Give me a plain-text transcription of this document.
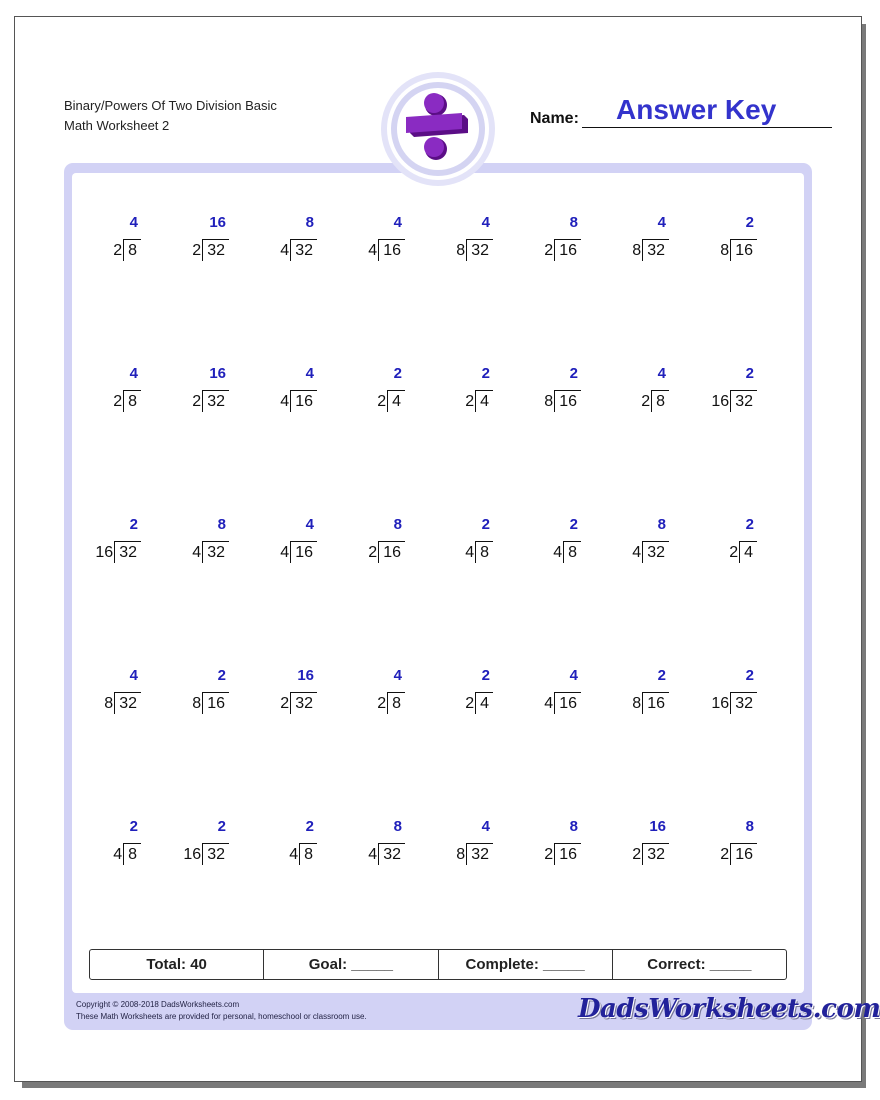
Binary/Powers Of Two Division Basic
Math Worksheet 2	Name: Answer Key
4
2 8
16
2 32
8
4 32
4
4 16
4
8 32
8
2 16
4
8 32
2
8 16
4
2 8
16
2 32
4
4 16
2
2 4
2
2 4
2
8 16
4
2 8
2
16 32
2
16 32
8
4 32
4
4 16
8
2 16
2
4 8
2
4 8
8
4 32
2
2 4
4
8 32
2
8 16
16
2 32
4
2 8
2
2 4
4
4 16
2
8 16
2
16 32
2
4 8
2
16 32
2
4 8
8
4 32
4
8 32
8
2 16
16
2 32
8
2 16
Total: 40	Goal: _____	Complete: _____	Correct: _____
Copyright © 2008-2018 DadsWorksheets.com
These Math Worksheets are provided for personal, homeschool or classroom use.	DadsWorksheets.com
